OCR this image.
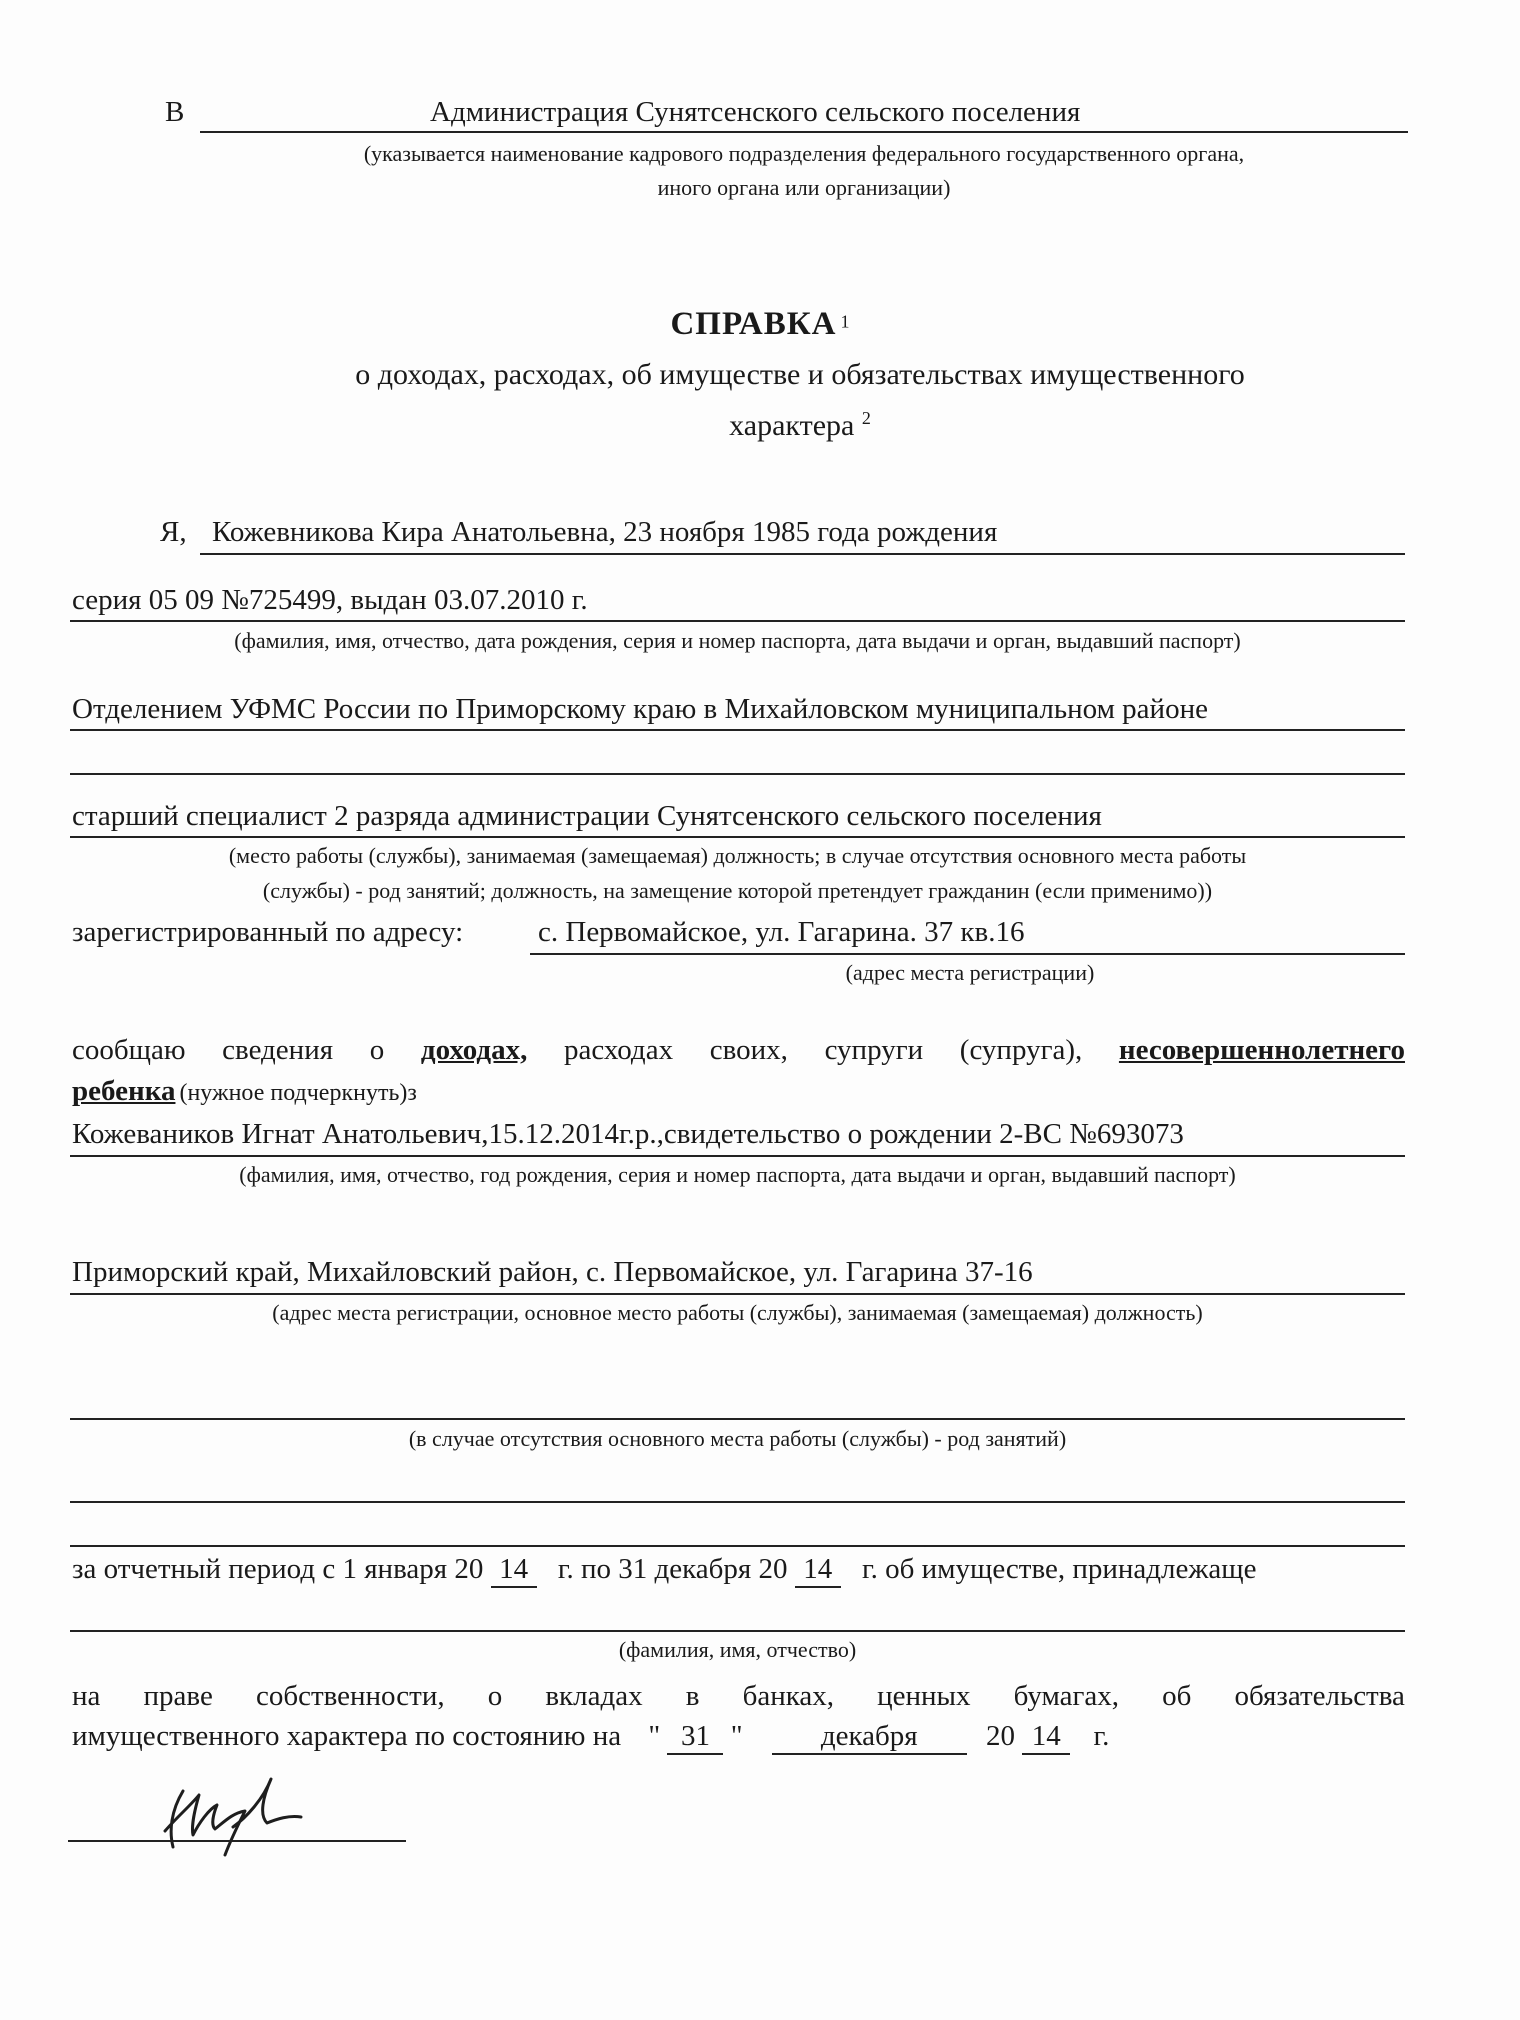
В	Администрация Сунятсенского сельского поселения
(указывается наименование кадрового подразделения федерального государственного органа,
иного органа или организации)
СПРАВКА $^1$
о доходах, расходах, об имуществе и обязательствах имущественного
характера $^2$
Я, Кожевникова Кира Анатольевна, 23 ноября 1985 года рождения
серия 05 09 №725499, выдан 03.07.2010 г.
(фамилия, имя, отчество, дата рождения, серия и номер паспорта, дата выдачи и орган, выдавший паспорт)
Отделением УФМС России по Приморскому краю в Михайловском муниципальном районе
старший специалист 2 разряда администрации Сунятсенского сельского поселения
(место работы (службы), занимаемая (замещаемая) должность; в случае отсутствия основного места работы
(службы) - род занятий; должность, на замещение которой претендует гражданин (если применимо))
зарегистрированный по адресу:	с. Первомайское, ул. Гагарина. 37 кв.16
(адрес места регистрации)
сообщаю сведения о доходах, расходах своих, супруги (супруга), несовершеннолетнего
ребенка (нужное подчеркнуть)з
Кожеваников Игнат Анатольевич,15.12.2014г.р.,свидетельство о рождении 2-ВС №693073
(фамилия, имя, отчество, год рождения, серия и номер паспорта, дата выдачи и орган, выдавший паспорт)
Приморский край, Михайловский район, с. Первомайское, ул. Гагарина 37-16
(адрес места регистрации, основное место работы (службы), занимаемая (замещаемая) должность)
(в случае отсутствия основного места работы (службы) - род занятий)
за отчетный период с 1 января 20 14 г. по 31 декабря 20 14 г. об имуществе, принадлежаще
(фамилия, имя, отчество)
на праве собственности, о вкладах в банках, ценных бумагах, об обязательства
имущественного характера по состоянию на " 31 "	декабря 20 14 г.
